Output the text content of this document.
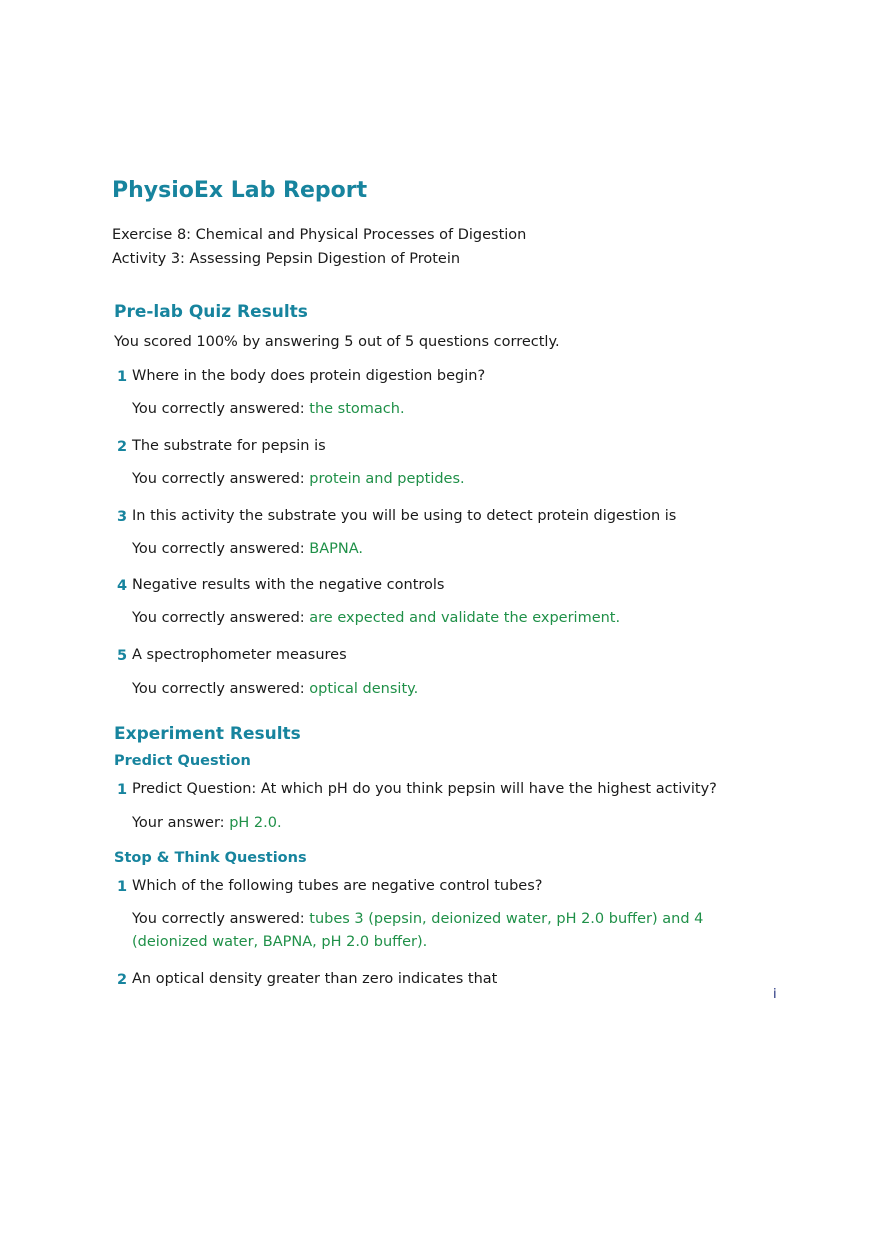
PhysioEx Lab Report
Exercise 8: Chemical and Physical Processes of Digestion
Activity 3: Assessing Pepsin Digestion of Protein
Pre-lab Quiz Results
You scored 100% by answering 5 out of 5 questions correctly.
1 Where in the body does protein digestion begin?
You correctly answered: the stomach.
2 The substrate for pepsin is
You correctly answered: protein and peptides.
3 In this activity the substrate you will be using to detect protein digestion is
You correctly answered: BAPNA.
4 Negative results with the negative controls
You correctly answered: are expected and validate the experiment.
5 A spectrophometer measures
You correctly answered: optical density.
Experiment Results
Predict Question
1 Predict Question: At which pH do you think pepsin will have the highest activity?
Your answer: pH 2.0.
Stop & Think Questions
1 Which of the following tubes are negative control tubes?
You correctly answered: tubes 3 (pepsin, deionized water, pH 2.0 buffer) and 4 (deionized water, BAPNA, pH 2.0 buffer).
2 An optical density greater than zero indicates that
i
